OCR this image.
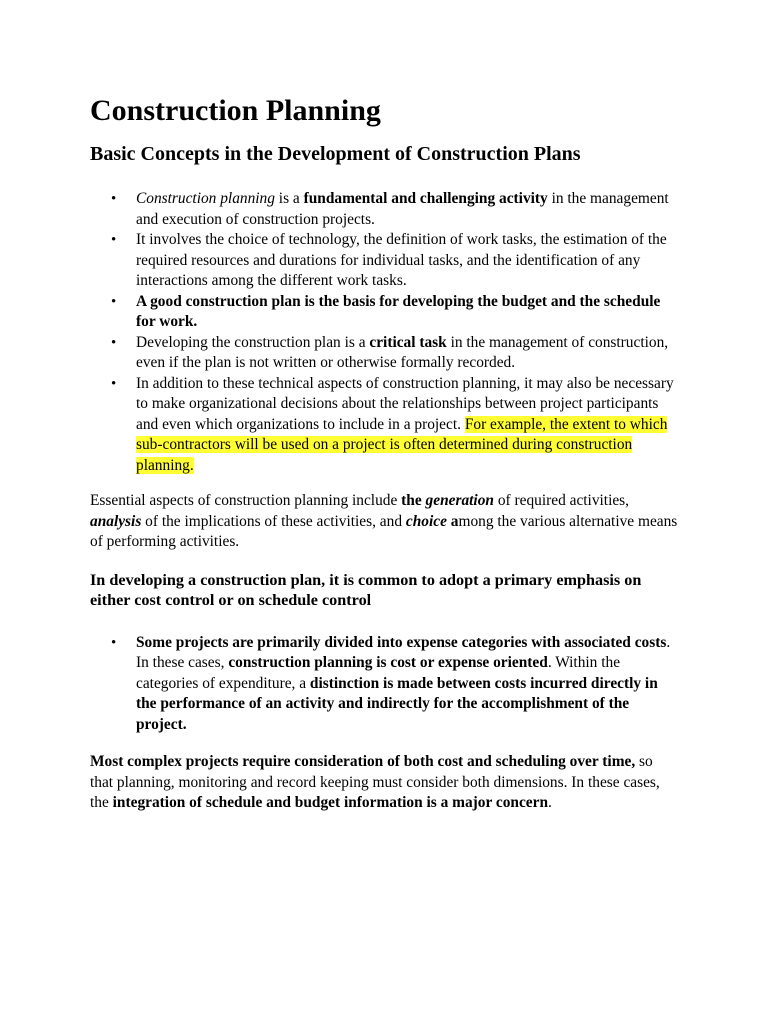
Construction Planning
Basic Concepts in the Development of Construction Plans
• Construction planning is a fundamental and challenging activity in the management and execution of construction projects.
• It involves the choice of technology, the definition of work tasks, the estimation of the required resources and durations for individual tasks, and the identification of any interactions among the different work tasks.
• A good construction plan is the basis for developing the budget and the schedule for work.
• Developing the construction plan is a critical task in the management of construction, even if the plan is not written or otherwise formally recorded.
• In addition to these technical aspects of construction planning, it may also be necessary to make organizational decisions about the relationships between project participants and even which organizations to include in a project. For example, the extent to which sub-contractors will be used on a project is often determined during construction planning.

Essential aspects of construction planning include the generation of required activities, analysis of the implications of these activities, and choice among the various alternative means of performing activities.

In developing a construction plan, it is common to adopt a primary emphasis on either cost control or on schedule control
• Some projects are primarily divided into expense categories with associated costs. In these cases, construction planning is cost or expense oriented. Within the categories of expenditure, a distinction is made between costs incurred directly in the performance of an activity and indirectly for the accomplishment of the project.

Most complex projects require consideration of both cost and scheduling over time, so that planning, monitoring and record keeping must consider both dimensions. In these cases, the integration of schedule and budget information is a major concern.
